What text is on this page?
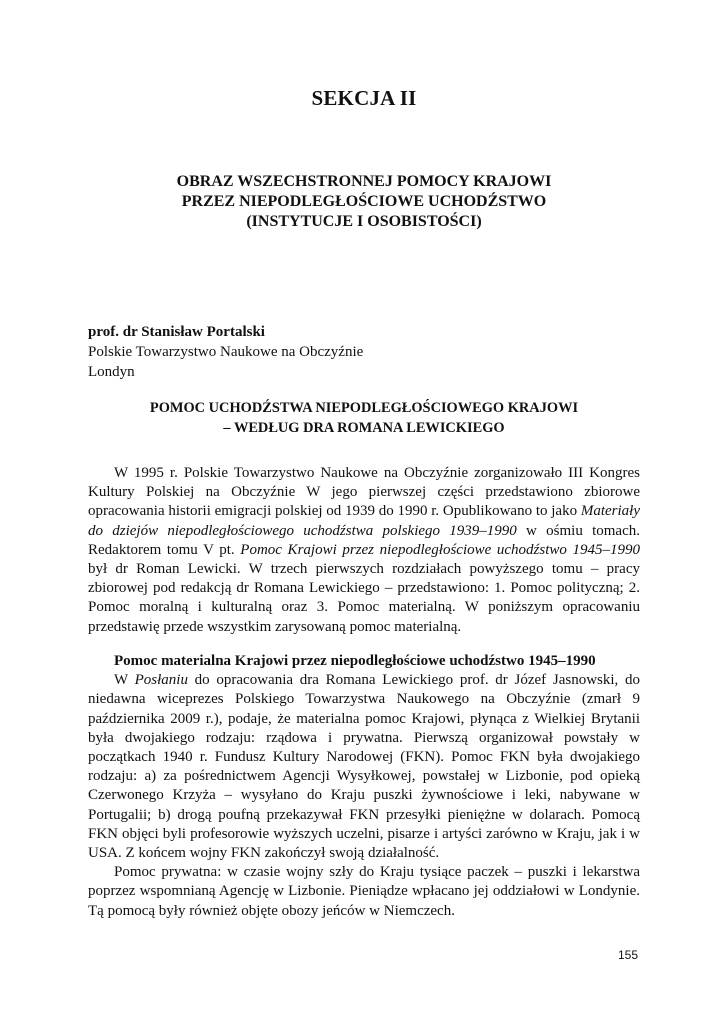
SEKCJA II
OBRAZ WSZECHSTRONNEJ POMOCY KRAJOWI
PRZEZ NIEPODLEGŁOŚCIOWE UCHODŹSTWO
(INSTYTUCJE I OSOBISTOŚCI)
prof. dr Stanisław Portalski
Polskie Towarzystwo Naukowe na Obczyźnie
Londyn
POMOC UCHODŹSTWA NIEPODLEGŁOŚCIOWEGO KRAJOWI
– WEDŁUG DRA ROMANA LEWICKIEGO

W 1995 r. Polskie Towarzystwo Naukowe na Obczyźnie zorganizowało III Kongres Kultury Polskiej na Obczyźnie W jego pierwszej części przedstawiono zbiorowe opracowania historii emigracji polskiej od 1939 do 1990 r. Opublikowano to jako Materiały do dziejów niepodległościowego uchodźstwa polskiego 1939–1990 w ośmiu tomach. Redaktorem tomu V pt. Pomoc Krajowi przez niepodległościowe uchodźstwo 1945–1990 był dr Roman Lewicki. W trzech pierwszych rozdziałach powyższego tomu – pracy zbiorowej pod redakcją dr Romana Lewickiego – przedstawiono: 1. Pomoc polityczną; 2. Pomoc moralną i kulturalną oraz 3. Pomoc materialną. W poniższym opracowaniu przedstawię przede wszystkim zarysowaną pomoc materialną.

Pomoc materialna Krajowi przez niepodległościowe uchodźstwo 1945–1990

W Posłaniu do opracowania dra Romana Lewickiego prof. dr Józef Jasnowski, do niedawna wiceprezes Polskiego Towarzystwa Naukowego na Obczyźnie (zmarł 9 października 2009 r.), podaje, że materialna pomoc Krajowi, płynąca z Wielkiej Brytanii była dwojakiego rodzaju: rządowa i prywatna. Pierwszą organizował powstały w początkach 1940 r. Fundusz Kultury Narodowej (FKN). Pomoc FKN była dwojakiego rodzaju: a) za pośrednictwem Agencji Wysyłkowej, powstałej w Lizbonie, pod opieką Czerwonego Krzyża – wysyłano do Kraju puszki żywnościowe i leki, nabywane w Portugalii; b) drogą poufną przekazywał FKN przesyłki pieniężne w dolarach. Pomocą FKN objęci byli profesorowie wyższych uczelni, pisarze i artyści zarówno w Kraju, jak i w USA. Z końcem wojny FKN zakończył swoją działalność.

Pomoc prywatna: w czasie wojny szły do Kraju tysiące paczek – puszki i lekarstwa poprzez wspomnianą Agencję w Lizbonie. Pieniądze wpłacano jej oddziałowi w Londynie. Tą pomocą były również objęte obozy jeńców w Niemczech.

155
